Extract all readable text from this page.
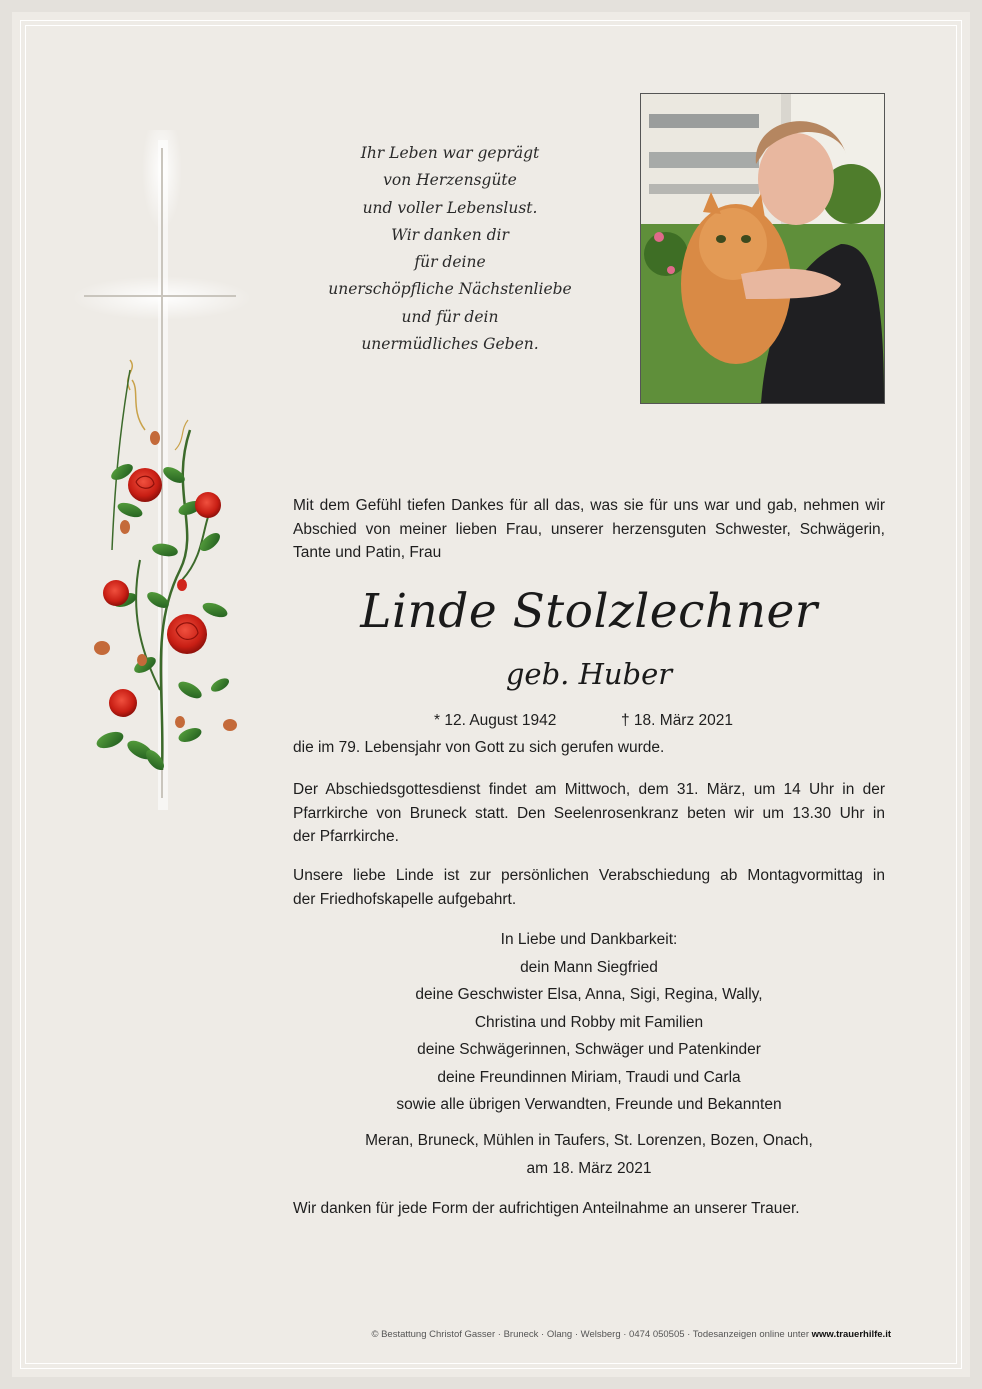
Ihr Leben war geprägt
von Herzensgüte
und voller Lebenslust.
Wir danken dir
für deine
unerschöpfliche Nächstenliebe
und für dein
unermüdliches Geben.
Mit dem Gefühl tiefen Dankes für all das, was sie für uns war und gab, nehmen wir
Abschied von meiner lieben Frau, unserer herzensguten Schwester, Schwägerin,
Tante und Patin, Frau
Linde Stolzlechner
geb. Huber
* 12. August 1942	† 18. März 2021
die im 79. Lebensjahr von Gott zu sich gerufen wurde.
Der Abschiedsgottesdienst findet am Mittwoch, dem 31. März, um 14 Uhr in der
Pfarrkirche von Bruneck statt. Den Seelenrosenkranz beten wir um 13.30 Uhr in
der Pfarrkirche.
Unsere liebe Linde ist zur persönlichen Verabschiedung ab Montagvormittag in
der Friedhofskapelle aufgebahrt.
In Liebe und Dankbarkeit:
dein Mann Siegfried
deine Geschwister Elsa, Anna, Sigi, Regina, Wally,
Christina und Robby mit Familien
deine Schwägerinnen, Schwäger und Patenkinder
deine Freundinnen Miriam, Traudi und Carla
sowie alle übrigen Verwandten, Freunde und Bekannten
Meran, Bruneck, Mühlen in Taufers, St. Lorenzen, Bozen, Onach,
am 18. März 2021
Wir danken für jede Form der aufrichtigen Anteilnahme an unserer Trauer.
© Bestattung Christof Gasser · Bruneck · Olang · Welsberg · 0474 050505 · Todesanzeigen online unter www.trauerhilfe.it
